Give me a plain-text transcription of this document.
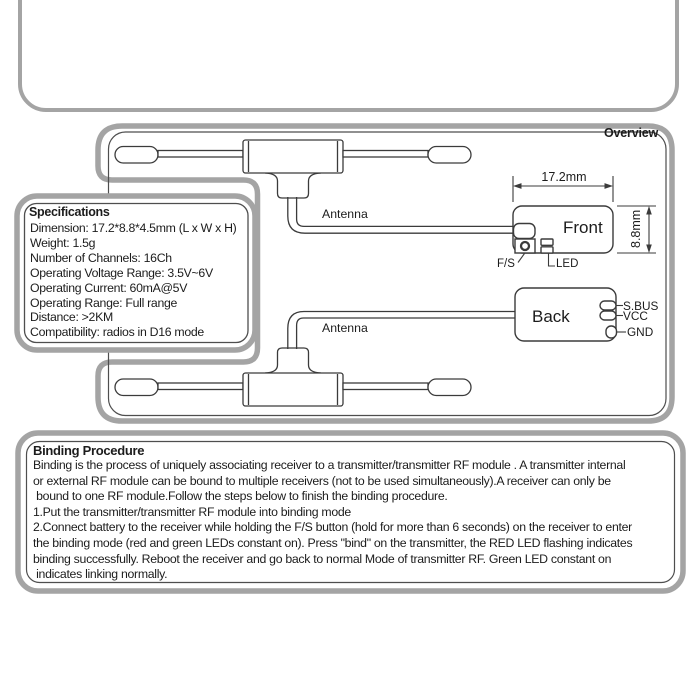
Overview
Antenna
Antenna
Front
F/S	LED
17.2mm
8.8mm
Back
S.BUS
VCC
GND
Specifications
Dimension: 17.2*8.8*4.5mm (L x W x H)
Weight: 1.5g
Number of Channels: 16Ch
Operating Voltage Range: 3.5V~6V
Operating Current: 60mA@5V
Operating Range: Full range
Distance: >2KM
Compatibility: radios in D16 mode
Binding Procedure
Binding is the process of uniquely associating receiver to a transmitter/transmitter RF module . A transmitter internal
or external RF module can be bound to multiple receivers (not to be used simultaneously).A receiver can only be
bound to one RF module.Follow the steps below to finish the binding procedure.
1.Put the transmitter/transmitter RF module into binding mode
2.Connect battery to the receiver while holding the F/S button (hold for more than 6 seconds) on the receiver to enter
the binding mode (red and green LEDs constant on). Press "bind" on the transmitter, the RED LED flashing indicates
binding successfully. Reboot the receiver and go back to normal Mode of transmitter RF. Green LED constant on
indicates linking normally.
